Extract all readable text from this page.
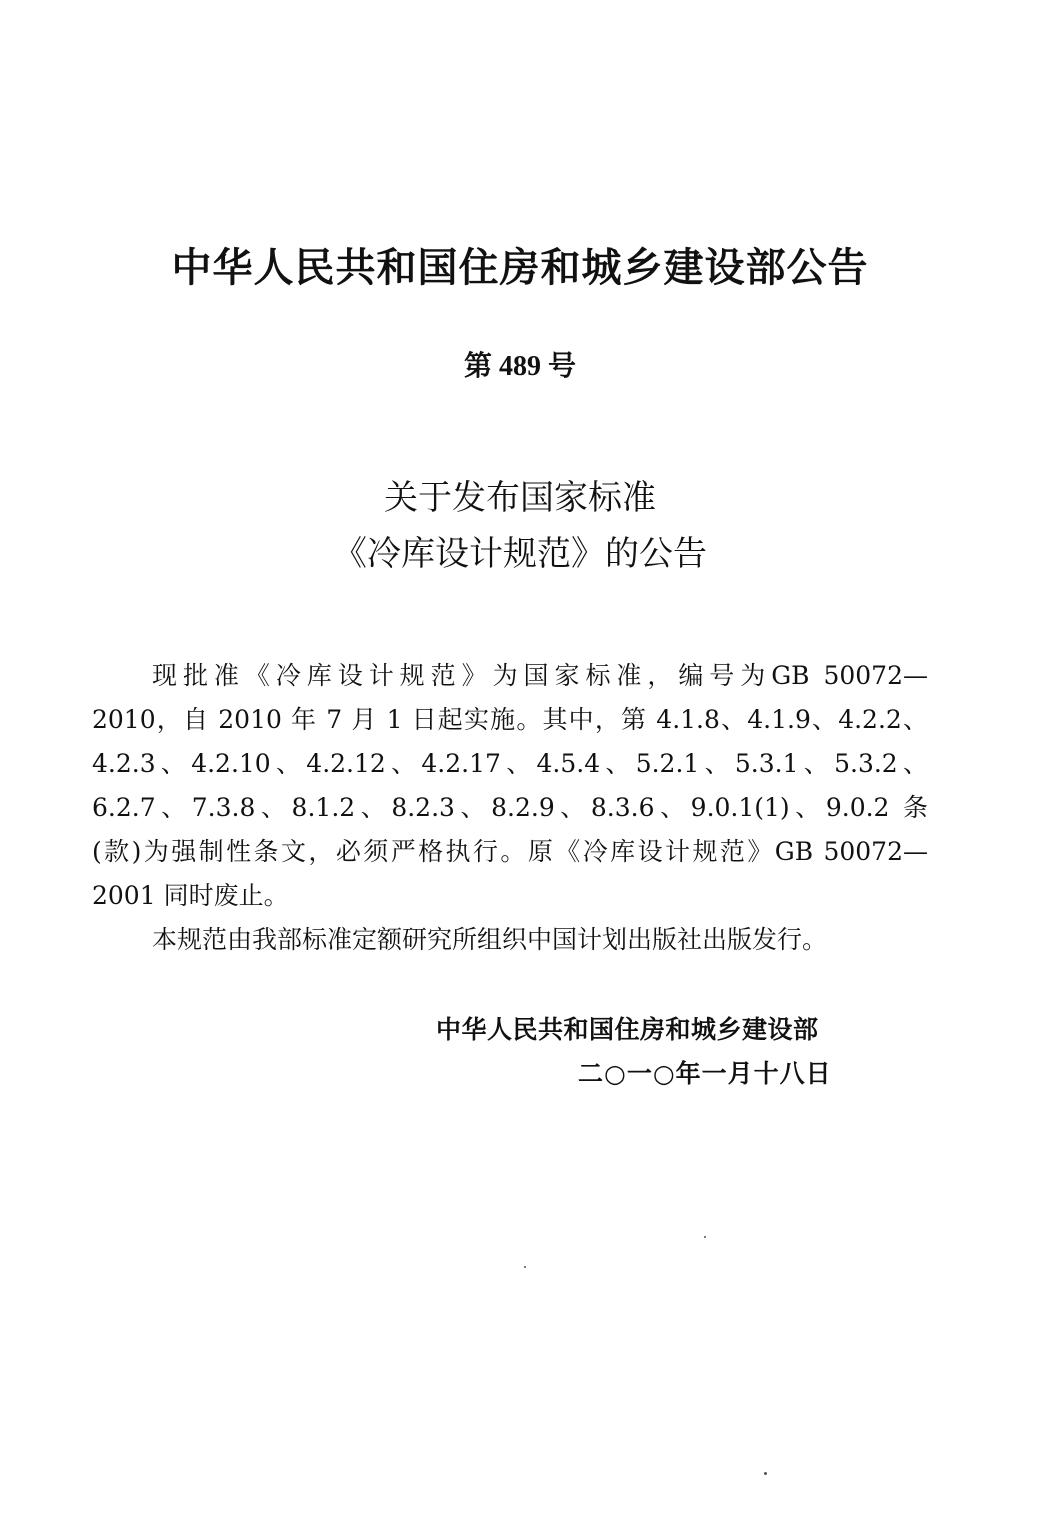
中华人民共和国住房和城乡建设部公告
第 489 号
关于发布国家标准
《冷库设计规范》的公告
现批准《冷库设计规范》为国家标准，编号为GB 50072—
2010，自 2010 年 7 月 1 日起实施。其中，第 4.1.8、4.1.9、4.2.2、
4.2.3、4.2.10、4.2.12、4.2.17、4.5.4、5.2.1、5.3.1、5.3.2、
6.2.7、7.3.8、8.1.2、8.2.3、8.2.9、8.3.6、9.0.1(1)、9.0.2 条
(款)为强制性条文，必须严格执行。原《冷库设计规范》GB 50072—
2001 同时废止。
本规范由我部标准定额研究所组织中国计划出版社出版发行。
中华人民共和国住房和城乡建设部
二○一○年一月十八日
